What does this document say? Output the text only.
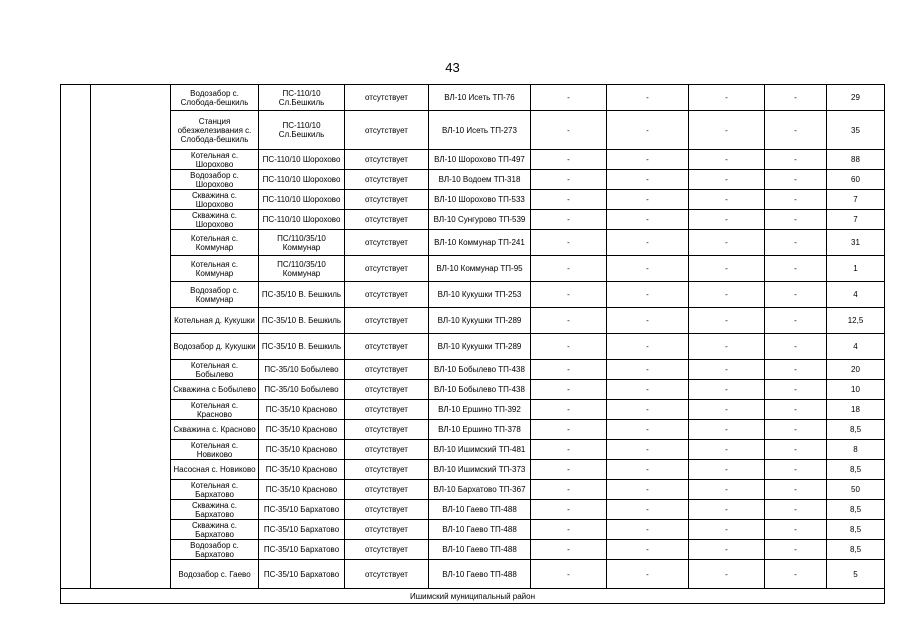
43
		Водозабор с. Слобода-бешкиль	ПС-110/10 Сл.Бешкиль	отсутствует	ВЛ-10 Исеть ТП-76	-	-	-	-	29
		Станция обезжелезивания с. Слобода-бешкиль	ПС-110/10 Сл.Бешкиль	отсутствует	ВЛ-10 Исеть ТП-273	-	-	-	-	35
		Котельная с. Шорохово	ПС-110/10 Шорохово	отсутствует	ВЛ-10 Шорохово ТП-497	-	-	-	-	88
		Водозабор с. Шорохово	ПС-110/10 Шорохово	отсутствует	ВЛ-10 Водоем ТП-318	-	-	-	-	60
		Скважина с. Шорохово	ПС-110/10 Шорохово	отсутствует	ВЛ-10 Шорохово ТП-533	-	-	-	-	7
		Скважина с. Шорохово	ПС-110/10 Шорохово	отсутствует	ВЛ-10 Сунгурово ТП-539	-	-	-	-	7
		Котельная с. Коммунар	ПС/110/35/10 Коммунар	отсутствует	ВЛ-10 Коммунар ТП-241	-	-	-	-	31
		Котельная с. Коммунар	ПС/110/35/10 Коммунар	отсутствует	ВЛ-10 Коммунар ТП-95	-	-	-	-	1
		Водозабор с. Коммунар	ПС-35/10 В. Бешкиль	отсутствует	ВЛ-10 Кукушки ТП-253	-	-	-	-	4
		Котельная д. Кукушки	ПС-35/10 В. Бешкиль	отсутствует	ВЛ-10 Кукушки ТП-289	-	-	-	-	12,5
		Водозабор д. Кукушки	ПС-35/10 В. Бешкиль	отсутствует	ВЛ-10 Кукушки ТП-289	-	-	-	-	4
		Котельная с. Бобылево	ПС-35/10 Бобылево	отсутствует	ВЛ-10 Бобылево ТП-438	-	-	-	-	20
		Скважина с Бобылево	ПС-35/10 Бобылево	отсутствует	ВЛ-10 Бобылево ТП-438	-	-	-	-	10
		Котельная с. Красново	ПС-35/10 Красново	отсутствует	ВЛ-10 Ершино ТП-392	-	-	-	-	18
		Скважина с. Красново	ПС-35/10 Красново	отсутствует	ВЛ-10 Ершино ТП-378	-	-	-	-	8,5
		Котельная с. Новиково	ПС-35/10 Красново	отсутствует	ВЛ-10 Ишимский ТП-481	-	-	-	-	8
		Насосная с. Новиково	ПС-35/10 Красново	отсутствует	ВЛ-10 Ишимский ТП-373	-	-	-	-	8,5
		Котельная с. Бархатово	ПС-35/10 Красново	отсутствует	ВЛ-10 Бархатово ТП-367	-	-	-	-	50
		Скважина с. Бархатово	ПС-35/10 Бархатово	отсутствует	ВЛ-10 Гаево ТП-488	-	-	-	-	8,5
		Скважина с. Бархатово	ПС-35/10 Бархатово	отсутствует	ВЛ-10 Гаево ТП-488	-	-	-	-	8,5
		Водозабор с. Бархатово	ПС-35/10 Бархатово	отсутствует	ВЛ-10 Гаево ТП-488	-	-	-	-	8,5
		Водозабор с. Гаево	ПС-35/10 Бархатово	отсутствует	ВЛ-10 Гаево ТП-488	-	-	-	-	5
Ишимский муниципальный район										
